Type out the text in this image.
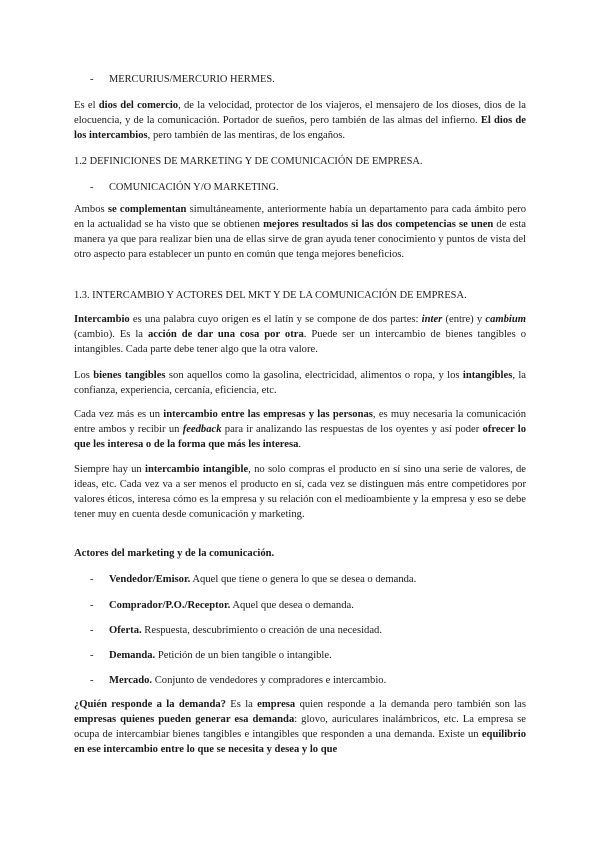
- MERCURIUS/MERCURIO HERMES.

Es el dios del comercio, de la velocidad, protector de los viajeros, el mensajero de los dioses, dios de la elocuencia, y de la comunicación. Portador de sueños, pero también de las almas del infierno. El dios de los intercambios, pero también de las mentiras, de los engaños.

1.2 DEFINICIONES DE MARKETING Y DE COMUNICACIÓN DE EMPRESA.
- COMUNICACIÓN Y/O MARKETING.

Ambos se complementan simultáneamente, anteriormente había un departamento para cada ámbito pero en la actualidad se ha visto que se obtienen mejores resultados si las dos competencias se unen de esta manera ya que para realizar bien una de ellas sirve de gran ayuda tener conocimiento y puntos de vista del otro aspecto para establecer un punto en común que tenga mejores beneficios.

1.3. INTERCAMBIO Y ACTORES DEL MKT Y DE LA COMUNICACIÓN DE EMPRESA.

Intercambio es una palabra cuyo origen es el latín y se compone de dos partes: inter (entre) y cambium (cambio). Es la acción de dar una cosa por otra. Puede ser un intercambio de bienes tangibles o intangibles. Cada parte debe tener algo que la otra valore.

Los bienes tangibles son aquellos como la gasolina, electricidad, alimentos o ropa, y los intangibles, la confianza, experiencia, cercanía, eficiencia, etc.

Cada vez más es un intercambio entre las empresas y las personas, es muy necesaria la comunicación entre ambos y recibir un feedback para ir analizando las respuestas de los oyentes y así poder ofrecer lo que les interesa o de la forma que más les interesa.

Siempre hay un intercambio intangible, no solo compras el producto en sí sino una serie de valores, de ideas, etc. Cada vez va a ser menos el producto en sí, cada vez se distinguen más entre competidores por valores éticos, interesa cómo es la empresa y su relación con el medioambiente y la empresa y eso se debe tener muy en cuenta desde comunicación y marketing.

Actores del marketing y de la comunicación.
- Vendedor/Emisor. Aquel que tiene o genera lo que se desea o demanda.
- Comprador/P.O./Receptor. Aquel que desea o demanda.
- Oferta. Respuesta, descubrimiento o creación de una necesidad.
- Demanda. Petición de un bien tangible o intangible.
- Mercado. Conjunto de vendedores y compradores e intercambio.

¿Quién responde a la demanda? Es la empresa quien responde a la demanda pero también son las empresas quienes pueden generar esa demanda: glovo, auriculares inalámbricos, etc. La empresa se ocupa de intercambiar bienes tangibles e intangibles que responden a una demanda. Existe un equilibrio en ese intercambio entre lo que se necesita y desea y lo que
